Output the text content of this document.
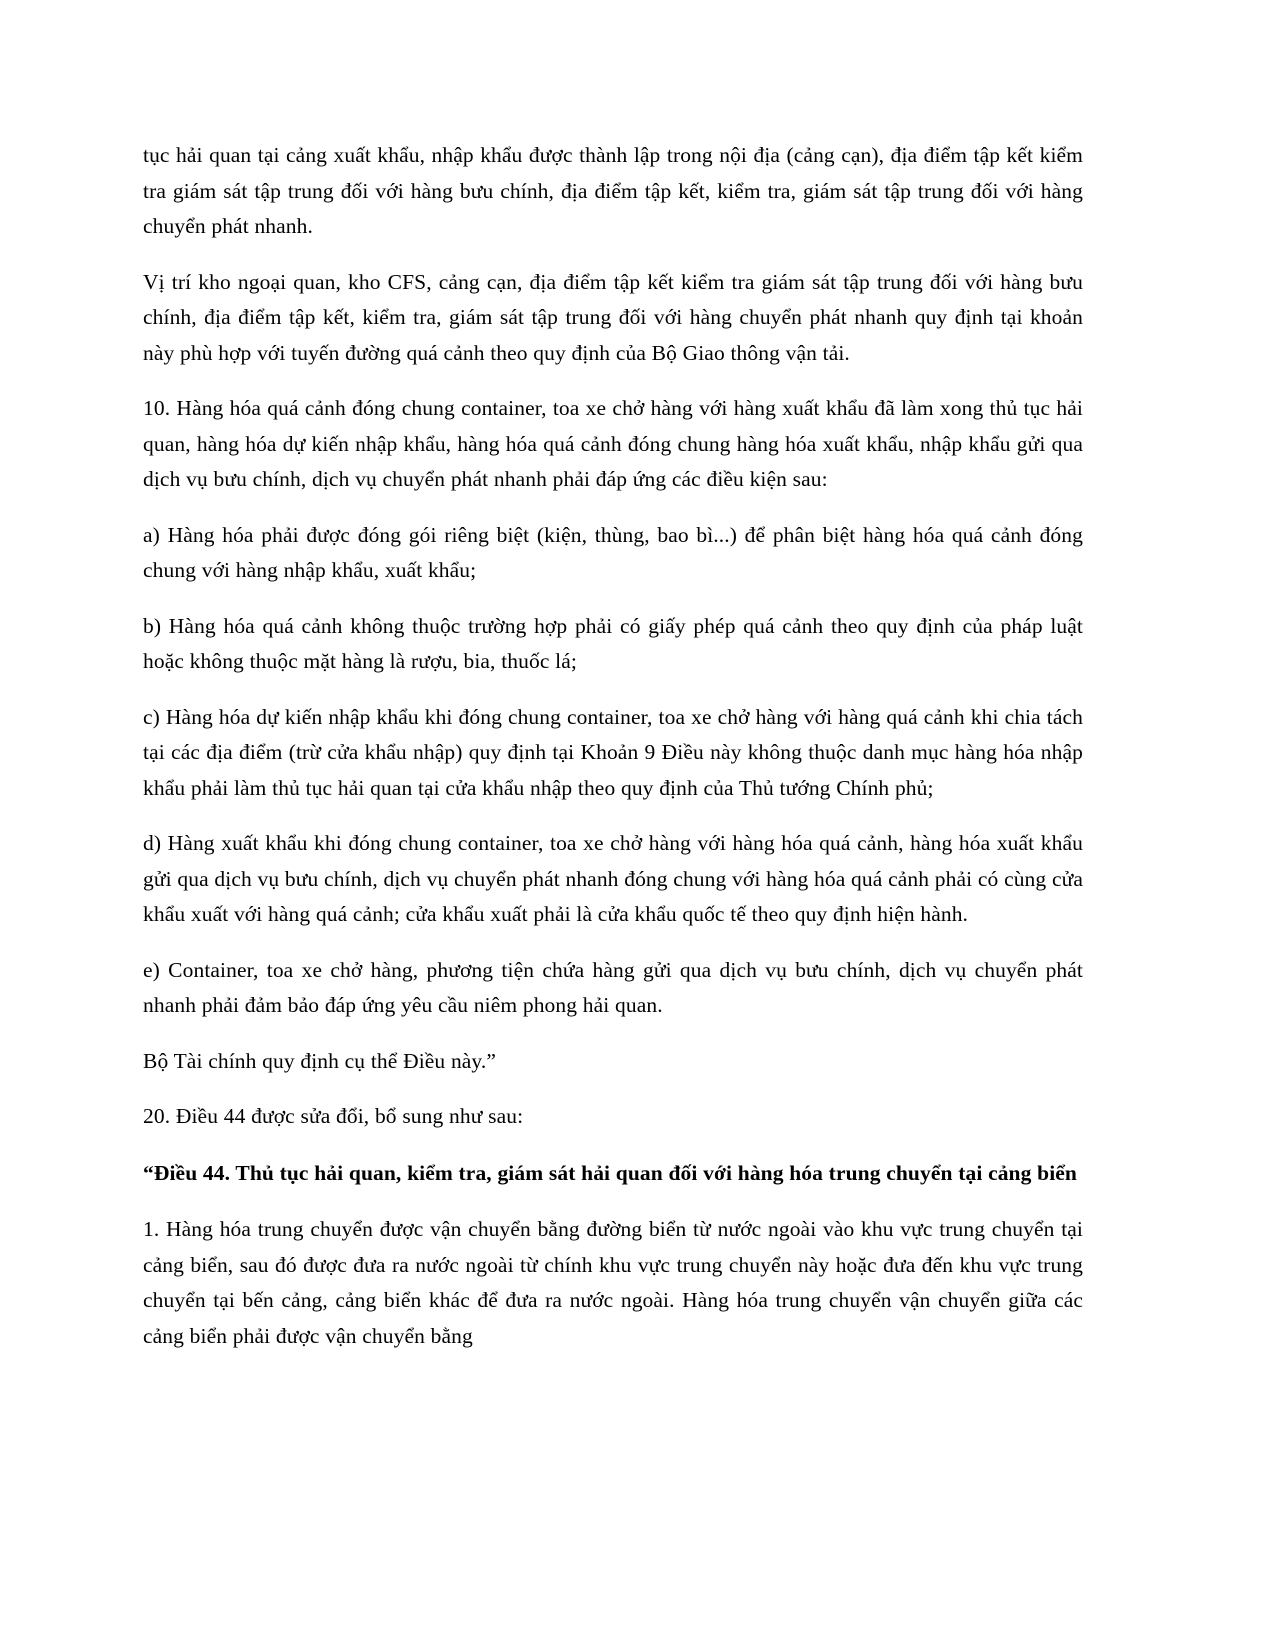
tục hải quan tại cảng xuất khẩu, nhập khẩu được thành lập trong nội địa (cảng cạn), địa điểm tập kết kiểm tra giám sát tập trung đối với hàng bưu chính, địa điểm tập kết, kiểm tra, giám sát tập trung đối với hàng chuyển phát nhanh.

Vị trí kho ngoại quan, kho CFS, cảng cạn, địa điểm tập kết kiểm tra giám sát tập trung đối với hàng bưu chính, địa điểm tập kết, kiểm tra, giám sát tập trung đối với hàng chuyển phát nhanh quy định tại khoản này phù hợp với tuyến đường quá cảnh theo quy định của Bộ Giao thông vận tải.

10. Hàng hóa quá cảnh đóng chung container, toa xe chở hàng với hàng xuất khẩu đã làm xong thủ tục hải quan, hàng hóa dự kiến nhập khẩu, hàng hóa quá cảnh đóng chung hàng hóa xuất khẩu, nhập khẩu gửi qua dịch vụ bưu chính, dịch vụ chuyển phát nhanh phải đáp ứng các điều kiện sau:

a) Hàng hóa phải được đóng gói riêng biệt (kiện, thùng, bao bì...) để phân biệt hàng hóa quá cảnh đóng chung với hàng nhập khẩu, xuất khẩu;

b) Hàng hóa quá cảnh không thuộc trường hợp phải có giấy phép quá cảnh theo quy định của pháp luật hoặc không thuộc mặt hàng là rượu, bia, thuốc lá;

c) Hàng hóa dự kiến nhập khẩu khi đóng chung container, toa xe chở hàng với hàng quá cảnh khi chia tách tại các địa điểm (trừ cửa khẩu nhập) quy định tại Khoản 9 Điều này không thuộc danh mục hàng hóa nhập khẩu phải làm thủ tục hải quan tại cửa khẩu nhập theo quy định của Thủ tướng Chính phủ;

d) Hàng xuất khẩu khi đóng chung container, toa xe chở hàng với hàng hóa quá cảnh, hàng hóa xuất khẩu gửi qua dịch vụ bưu chính, dịch vụ chuyển phát nhanh đóng chung với hàng hóa quá cảnh phải có cùng cửa khẩu xuất với hàng quá cảnh; cửa khẩu xuất phải là cửa khẩu quốc tế theo quy định hiện hành.

e) Container, toa xe chở hàng, phương tiện chứa hàng gửi qua dịch vụ bưu chính, dịch vụ chuyển phát nhanh phải đảm bảo đáp ứng yêu cầu niêm phong hải quan.

Bộ Tài chính quy định cụ thể Điều này.”

20. Điều 44 được sửa đổi, bổ sung như sau:

“Điều 44. Thủ tục hải quan, kiểm tra, giám sát hải quan đối với hàng hóa trung chuyển tại cảng biển

1. Hàng hóa trung chuyển được vận chuyển bằng đường biển từ nước ngoài vào khu vực trung chuyển tại cảng biển, sau đó được đưa ra nước ngoài từ chính khu vực trung chuyển này hoặc đưa đến khu vực trung chuyển tại bến cảng, cảng biển khác để đưa ra nước ngoài. Hàng hóa trung chuyển vận chuyển giữa các cảng biển phải được vận chuyển bằng
